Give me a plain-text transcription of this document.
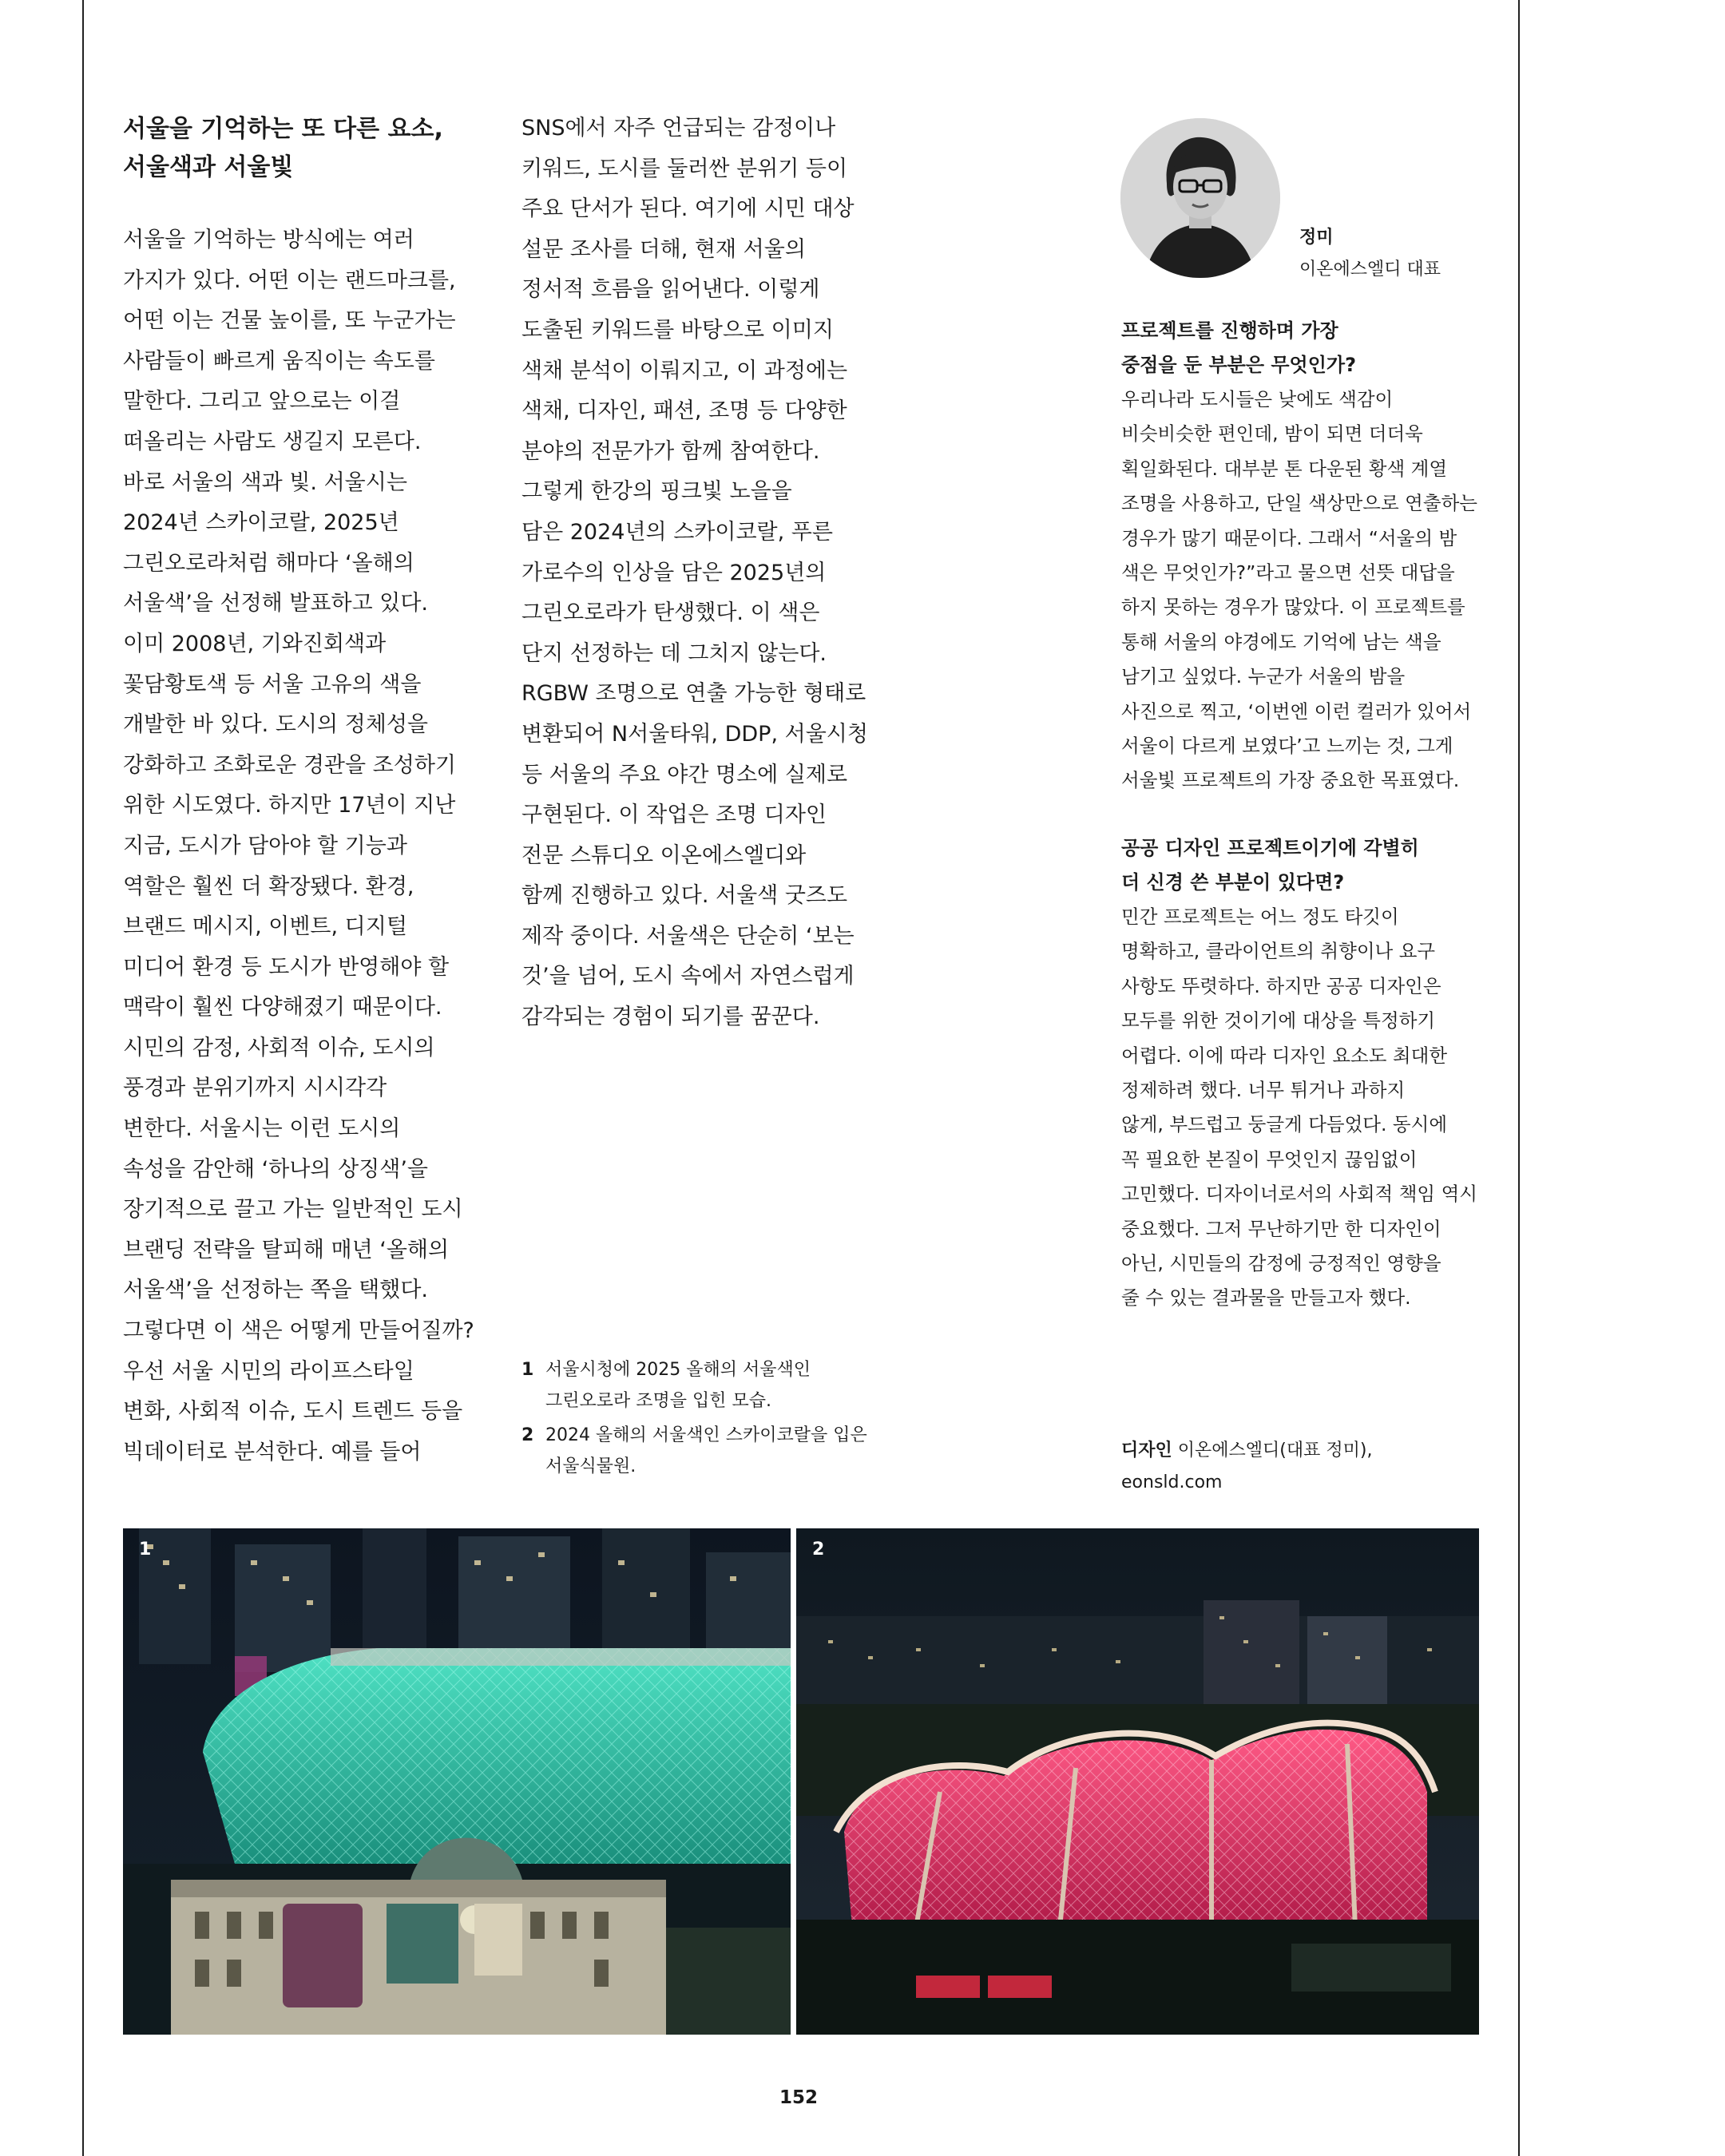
서울을 기억하는 또 다른 요소,
서울색과 서울빛
서울을 기억하는 방식에는 여러
가지가 있다. 어떤 이는 랜드마크를,
어떤 이는 건물 높이를, 또 누군가는
사람들이 빠르게 움직이는 속도를
말한다. 그리고 앞으로는 이걸
떠올리는 사람도 생길지 모른다.
바로 서울의 색과 빛. 서울시는
2024년 스카이코랄, 2025년
그린오로라처럼 해마다 ‘올해의
서울색’을 선정해 발표하고 있다.
이미 2008년, 기와진회색과
꽃담황토색 등 서울 고유의 색을
개발한 바 있다. 도시의 정체성을
강화하고 조화로운 경관을 조성하기
위한 시도였다. 하지만 17년이 지난
지금, 도시가 담아야 할 기능과
역할은 훨씬 더 확장됐다. 환경,
브랜드 메시지, 이벤트, 디지털
미디어 환경 등 도시가 반영해야 할
맥락이 훨씬 다양해졌기 때문이다.
시민의 감정, 사회적 이슈, 도시의
풍경과 분위기까지 시시각각
변한다. 서울시는 이런 도시의
속성을 감안해 ‘하나의 상징색’을
장기적으로 끌고 가는 일반적인 도시
브랜딩 전략을 탈피해 매년 ‘올해의
서울색’을 선정하는 쪽을 택했다.
그렇다면 이 색은 어떻게 만들어질까?
우선 서울 시민의 라이프스타일
변화, 사회적 이슈, 도시 트렌드 등을
빅데이터로 분석한다. 예를 들어
SNS에서 자주 언급되는 감정이나
키워드, 도시를 둘러싼 분위기 등이
주요 단서가 된다. 여기에 시민 대상
설문 조사를 더해, 현재 서울의
정서적 흐름을 읽어낸다. 이렇게
도출된 키워드를 바탕으로 이미지
색채 분석이 이뤄지고, 이 과정에는
색채, 디자인, 패션, 조명 등 다양한
분야의 전문가가 함께 참여한다.
그렇게 한강의 핑크빛 노을을
담은 2024년의 스카이코랄, 푸른
가로수의 인상을 담은 2025년의
그린오로라가 탄생했다. 이 색은
단지 선정하는 데 그치지 않는다.
RGBW 조명으로 연출 가능한 형태로
변환되어 N서울타워, DDP, 서울시청
등 서울의 주요 야간 명소에 실제로
구현된다. 이 작업은 조명 디자인
전문 스튜디오 이온에스엘디와
함께 진행하고 있다. 서울색 굿즈도
제작 중이다. 서울색은 단순히 ‘보는
것’을 넘어, 도시 속에서 자연스럽게
감각되는 경험이 되기를 꿈꾼다.
1 서울시청에 2025 올해의 서울색인
그린오로라 조명을 입힌 모습.
2 2024 올해의 서울색인 스카이코랄을 입은
서울식물원.
정미
이온에스엘디 대표

프로젝트를 진행하며 가장
중점을 둔 부분은 무엇인가?

우리나라 도시들은 낮에도 색감이
비슷비슷한 편인데, 밤이 되면 더더욱
획일화된다. 대부분 톤 다운된 황색 계열
조명을 사용하고, 단일 색상만으로 연출하는
경우가 많기 때문이다. 그래서 “서울의 밤
색은 무엇인가?”라고 물으면 선뜻 대답을
하지 못하는 경우가 많았다. 이 프로젝트를
통해 서울의 야경에도 기억에 남는 색을
남기고 싶었다. 누군가 서울의 밤을
사진으로 찍고, ‘이번엔 이런 컬러가 있어서
서울이 다르게 보였다’고 느끼는 것, 그게
서울빛 프로젝트의 가장 중요한 목표였다.

공공 디자인 프로젝트이기에 각별히
더 신경 쓴 부분이 있다면?

민간 프로젝트는 어느 정도 타깃이
명확하고, 클라이언트의 취향이나 요구
사항도 뚜렷하다. 하지만 공공 디자인은
모두를 위한 것이기에 대상을 특정하기
어렵다. 이에 따라 디자인 요소도 최대한
정제하려 했다. 너무 튀거나 과하지
않게, 부드럽고 둥글게 다듬었다. 동시에
꼭 필요한 본질이 무엇인지 끊임없이
고민했다. 디자이너로서의 사회적 책임 역시
중요했다. 그저 무난하기만 한 디자인이
아닌, 시민들의 감정에 긍정적인 영향을
줄 수 있는 결과물을 만들고자 했다.
디자인 이온에스엘디(대표 정미),
eonsld.com
1	2
152
